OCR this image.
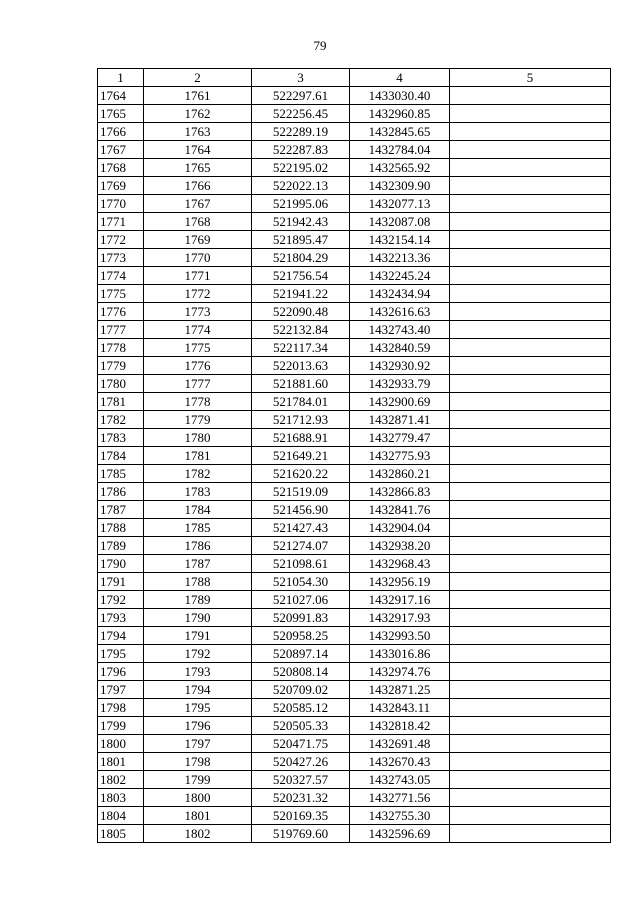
79
1	2	3	4	5
1764	1761	522297.61	1433030.40	
1765	1762	522256.45	1432960.85	
1766	1763	522289.19	1432845.65	
1767	1764	522287.83	1432784.04	
1768	1765	522195.02	1432565.92	
1769	1766	522022.13	1432309.90	
1770	1767	521995.06	1432077.13	
1771	1768	521942.43	1432087.08	
1772	1769	521895.47	1432154.14	
1773	1770	521804.29	1432213.36	
1774	1771	521756.54	1432245.24	
1775	1772	521941.22	1432434.94	
1776	1773	522090.48	1432616.63	
1777	1774	522132.84	1432743.40	
1778	1775	522117.34	1432840.59	
1779	1776	522013.63	1432930.92	
1780	1777	521881.60	1432933.79	
1781	1778	521784.01	1432900.69	
1782	1779	521712.93	1432871.41	
1783	1780	521688.91	1432779.47	
1784	1781	521649.21	1432775.93	
1785	1782	521620.22	1432860.21	
1786	1783	521519.09	1432866.83	
1787	1784	521456.90	1432841.76	
1788	1785	521427.43	1432904.04	
1789	1786	521274.07	1432938.20	
1790	1787	521098.61	1432968.43	
1791	1788	521054.30	1432956.19	
1792	1789	521027.06	1432917.16	
1793	1790	520991.83	1432917.93	
1794	1791	520958.25	1432993.50	
1795	1792	520897.14	1433016.86	
1796	1793	520808.14	1432974.76	
1797	1794	520709.02	1432871.25	
1798	1795	520585.12	1432843.11	
1799	1796	520505.33	1432818.42	
1800	1797	520471.75	1432691.48	
1801	1798	520427.26	1432670.43	
1802	1799	520327.57	1432743.05	
1803	1800	520231.32	1432771.56	
1804	1801	520169.35	1432755.30	
1805	1802	519769.60	1432596.69	
